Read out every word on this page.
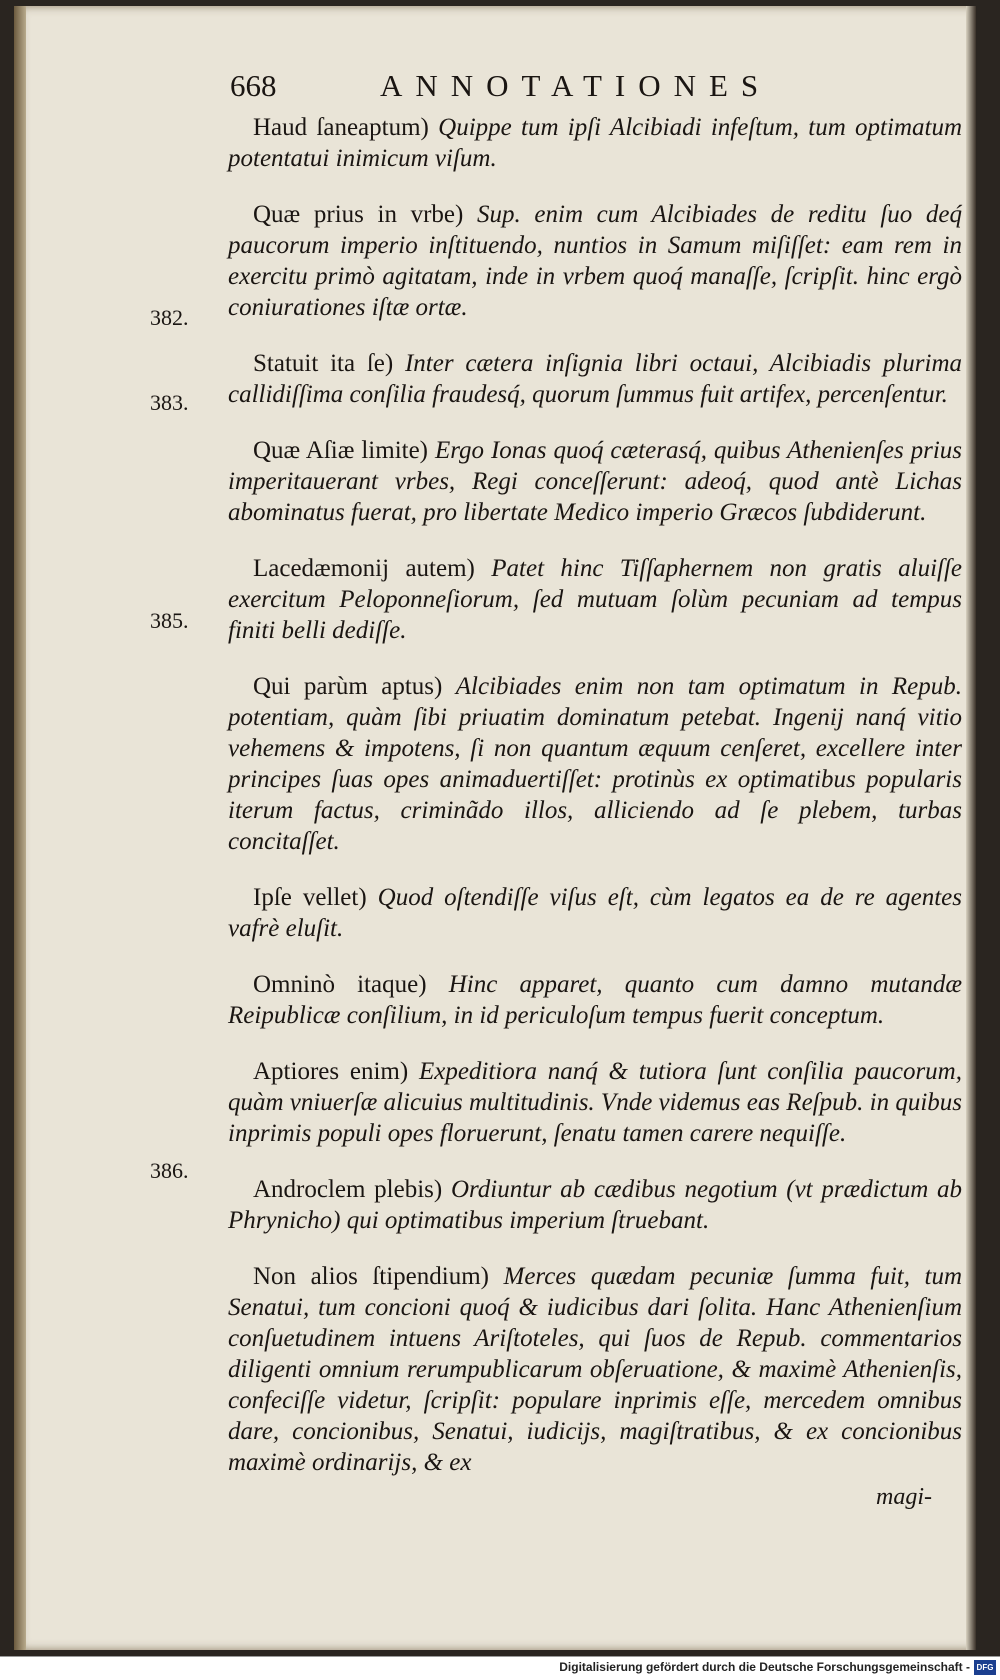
668	ANNOTATIONES
382.
383.
385.
386.

Haud ſaneaptum) Quippe tum ipſi Alcibiadi infeſtum, tum optimatum potentatui inimicum viſum.

Quæ prius in vrbe) Sup. enim cum Alcibiades de reditu ſuo deq́ paucorum imperio inſtituendo, nuntios in Samum miſiſſet: eam rem in exercitu primò agitatam, inde in vrbem quoq́ manaſſe, ſcripſit. hinc ergò coniurationes iſtæ ortæ.

Statuit ita ſe) Inter cætera inſignia libri octaui, Alcibiadis plurima callidiſſima conſilia fraudesq́, quorum ſummus fuit artifex, percenſentur.

Quæ Aſiæ limite) Ergo Ionas quoq́ cæterasq́, quibus Athenienſes prius imperitauerant vrbes, Regi conceſſerunt: adeoq́, quod antè Lichas abominatus fuerat, pro libertate Medico imperio Græcos ſubdiderunt.

Lacedæmonij autem) Patet hinc Tiſſaphernem non gratis aluiſſe exercitum Peloponneſiorum, ſed mutuam ſolùm pecuniam ad tempus finiti belli dediſſe.

Qui parùm aptus) Alcibiades enim non tam optimatum in Repub. potentiam, quàm ſibi priuatim dominatum petebat. Ingenij nanq́ vitio vehemens & impotens, ſi non quantum æquum cenſeret, excellere inter principes ſuas opes animaduertiſſet: protinùs ex optimatibus popularis iterum factus, criminãdo illos, alliciendo ad ſe plebem, turbas concitaſſet.

Ipſe vellet) Quod oſtendiſſe viſus eſt, cùm legatos ea de re agentes vafrè eluſit.

Omninò itaque) Hinc apparet, quanto cum damno mutandæ Reipublicæ conſilium, in id periculoſum tempus fuerit conceptum.

Aptiores enim) Expeditiora nanq́ & tutiora ſunt conſilia paucorum, quàm vniuerſæ alicuius multitudinis. Vnde videmus eas Reſpub. in quibus inprimis populi opes floruerunt, ſenatu tamen carere nequiſſe.

Androclem plebis) Ordiuntur ab cædibus negotium (vt prædictum ab Phrynicho) qui optimatibus imperium ſtruebant.

Non alios ſtipendium) Merces quædam pecuniæ ſumma fuit, tum Senatui, tum concioni quoq́ & iudicibus dari ſolita. Hanc Athenienſium conſuetudinem intuens Ariſtoteles, qui ſuos de Repub. commentarios diligenti omnium rerumpublicarum obſeruatione, & maximè Athenienſis, confeciſſe videtur, ſcripſit: populare inprimis eſſe, mercedem omnibus dare, concionibus, Senatui, iudicijs, magiſtratibus, & ex concionibus maximè ordinarijs, & ex

magi-
Digitalisierung gefördert durch die Deutsche Forschungsgemeinschaft - DFG
